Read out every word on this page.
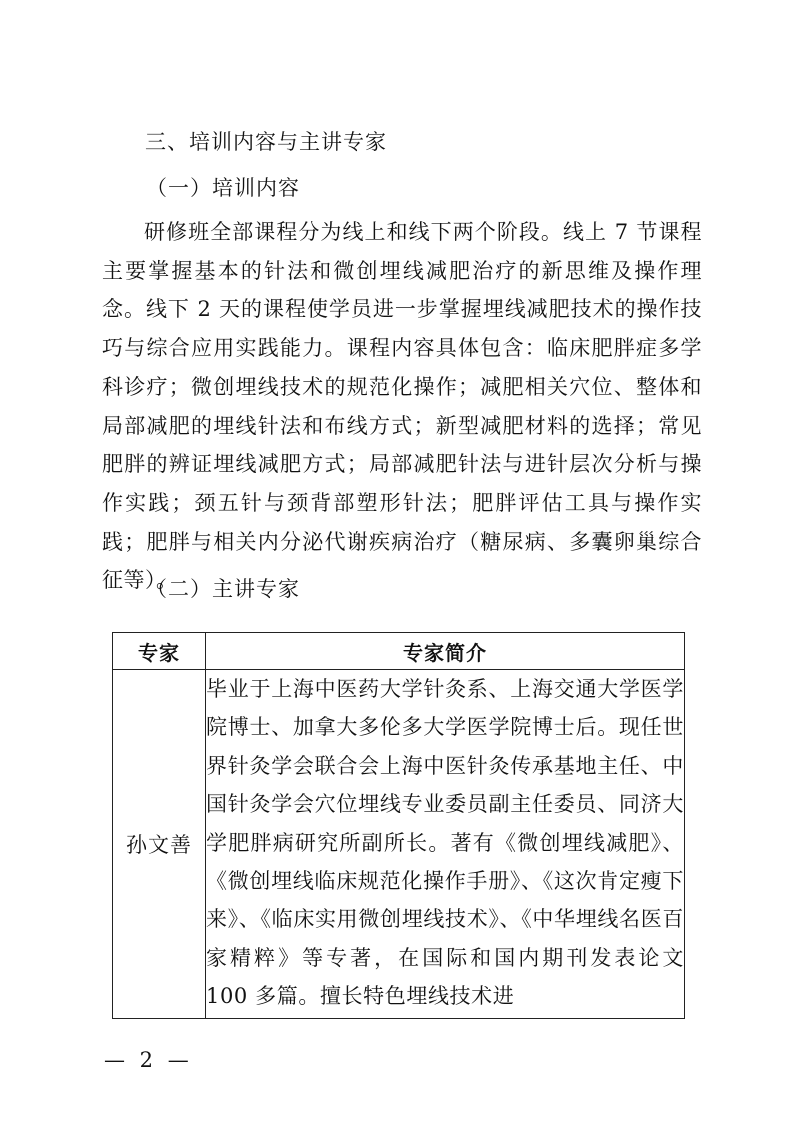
三、培训内容与主讲专家
（一）培训内容

研修班全部课程分为线上和线下两个阶段。线上 7 节课程主要掌握基本的针法和微创埋线减肥治疗的新思维及操作理念。线下 2 天的课程使学员进一步掌握埋线减肥技术的操作技巧与综合应用实践能力。课程内容具体包含：临床肥胖症多学科诊疗；微创埋线技术的规范化操作；减肥相关穴位、整体和局部减肥的埋线针法和布线方式；新型减肥材料的选择；常见肥胖的辨证埋线减肥方式；局部减肥针法与进针层次分析与操作实践；颈五针与颈背部塑形针法；肥胖评估工具与操作实践；肥胖与相关内分泌代谢疾病治疗（糖尿病、多囊卵巢综合征等）。

（二）主讲专家
专家	专家简介
孙文善	毕业于上海中医药大学针灸系、上海交通大学医学院博士、加拿大多伦多大学医学院博士后。现任世界针灸学会联合会上海中医针灸传承基地主任、中国针灸学会穴位埋线专业委员副主任委员、同济大学肥胖病研究所副所长。著有《微创埋线减肥》、《微创埋线临床规范化操作手册》、《这次肯定瘦下来》、《临床实用微创埋线技术》、《中华埋线名医百家精粹》等专著，在国际和国内期刊发表论文 100 多篇。擅长特色埋线技术进
— 2 —
